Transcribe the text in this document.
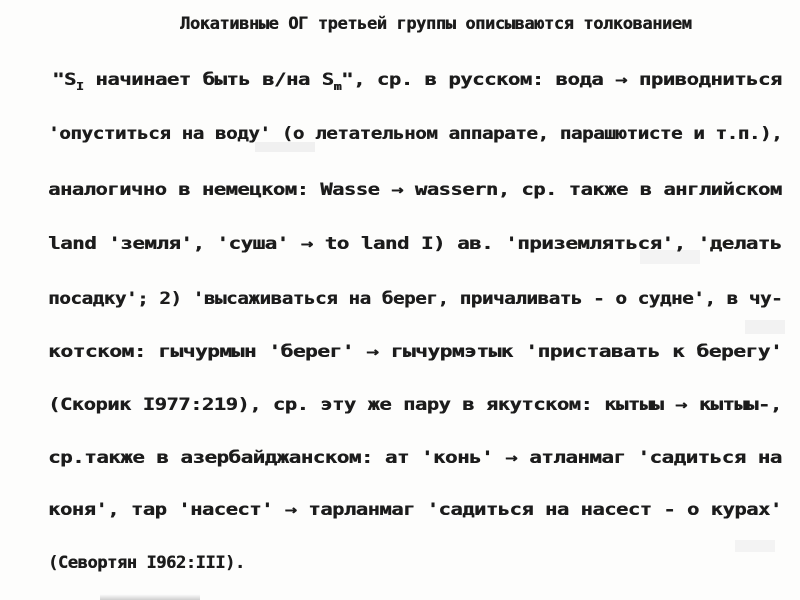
Локативные ОГ третьей группы описываются толкованием
"$S_I$ начинает быть в/на $S_m$", ср. в русском: вода → приводниться
'опуститься на воду' (о летательном аппарате, парашютисте и т.п.),
аналогично в немецком: Wasse → wassern, ср. также в английском
land 'земля', 'суша' → to land I) ав. 'приземляться', 'делать
посадку'; 2) 'высаживаться на берег, причаливать - о судне', в чу-
котском: гычурмын 'берег' → гычурмэтык 'приставать к берегу'
(Скорик I977:219), ср. эту же пару в якутском: кытыы → кытыы-,
ср.также в азербайджанском: ат 'конь' → атланмаг 'садиться на
коня', тар 'насест' → тарланмаг 'садиться на насест - о курах'
(Севортян I962:III).
